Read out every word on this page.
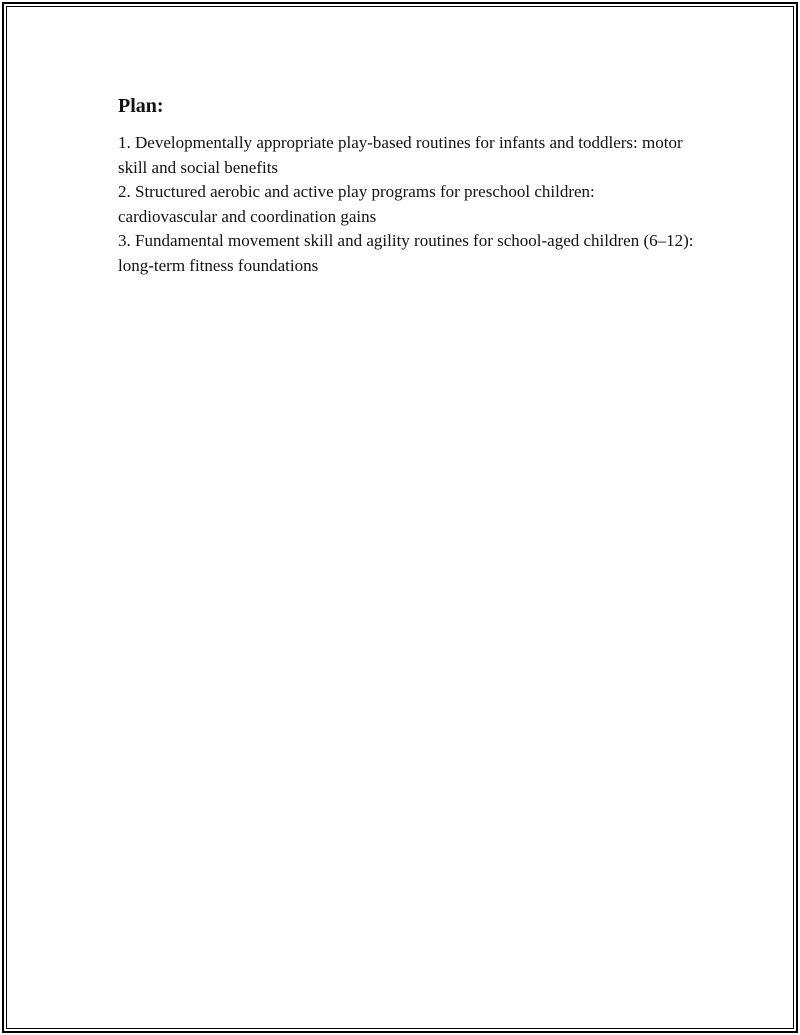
Plan:
1. Developmentally appropriate play-based routines for infants and toddlers: motor skill and social benefits
2. Structured aerobic and active play programs for preschool children: cardiovascular and coordination gains
3. Fundamental movement skill and agility routines for school-aged children (6–12): long-term fitness foundations
